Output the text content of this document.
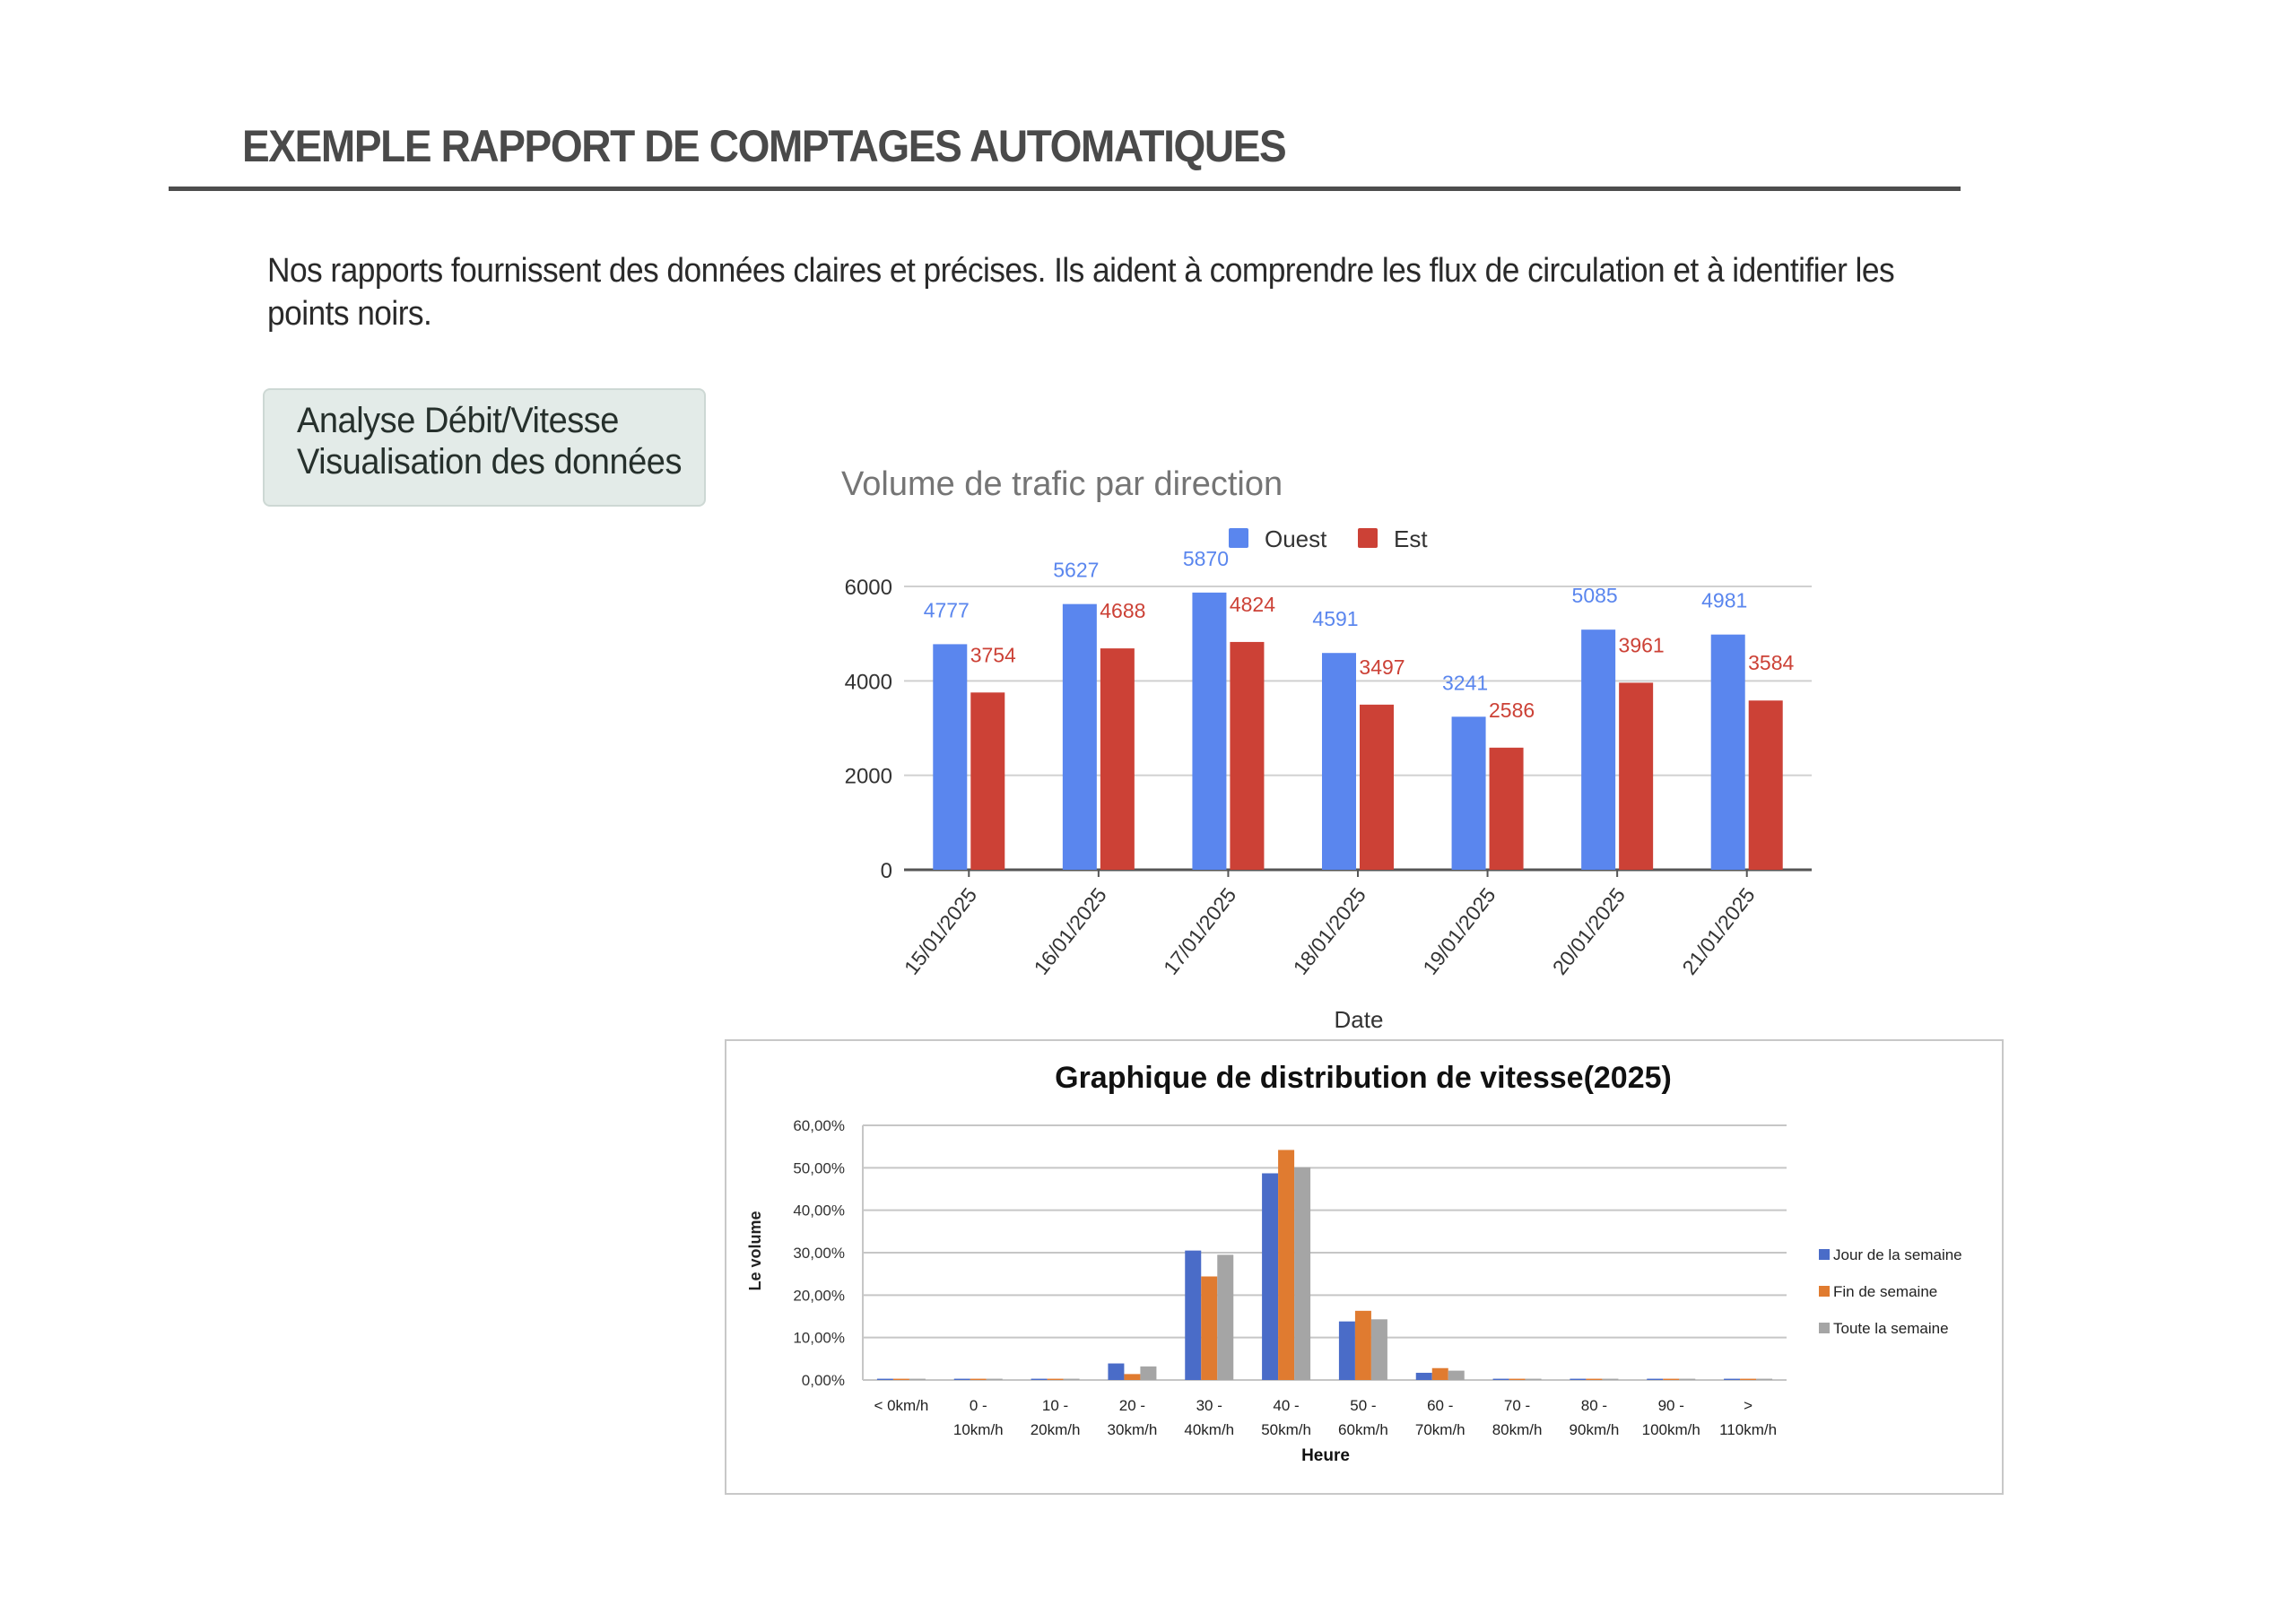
EXEMPLE RAPPORT DE COMPTAGES AUTOMATIQUES
Nos rapports fournissent des données claires et précises. Ils aident à comprendre les flux de circulation et à identifier les
points noirs.
Analyse Débit/Vitesse
Visualisation des données
Volume de trafic par direction
Ouest	Est
0
2000
4000
6000
4777
3754
5627
4688
5870
4824
4591
3497
3241
2586
5085
3961
4981
3584
15/01/2025 16/01/2025 17/01/2025 18/01/2025 19/01/2025 20/01/2025 21/01/2025
Date
Graphique de distribution de vitesse(2025)
0,00%
10,00%
20,00%
30,00%
40,00%
50,00%
60,00%
< 0km/h	0 -
10km/h
10 -
20km/h
20 -
30km/h
30 -
40km/h
40 -
50km/h
50 -
60km/h
60 -
70km/h
70 -
80km/h
80 -
90km/h
90 -
100km/h
>
110km/h
Le volume
Heure
Jour de la semaine
Fin de semaine
Toute la semaine
